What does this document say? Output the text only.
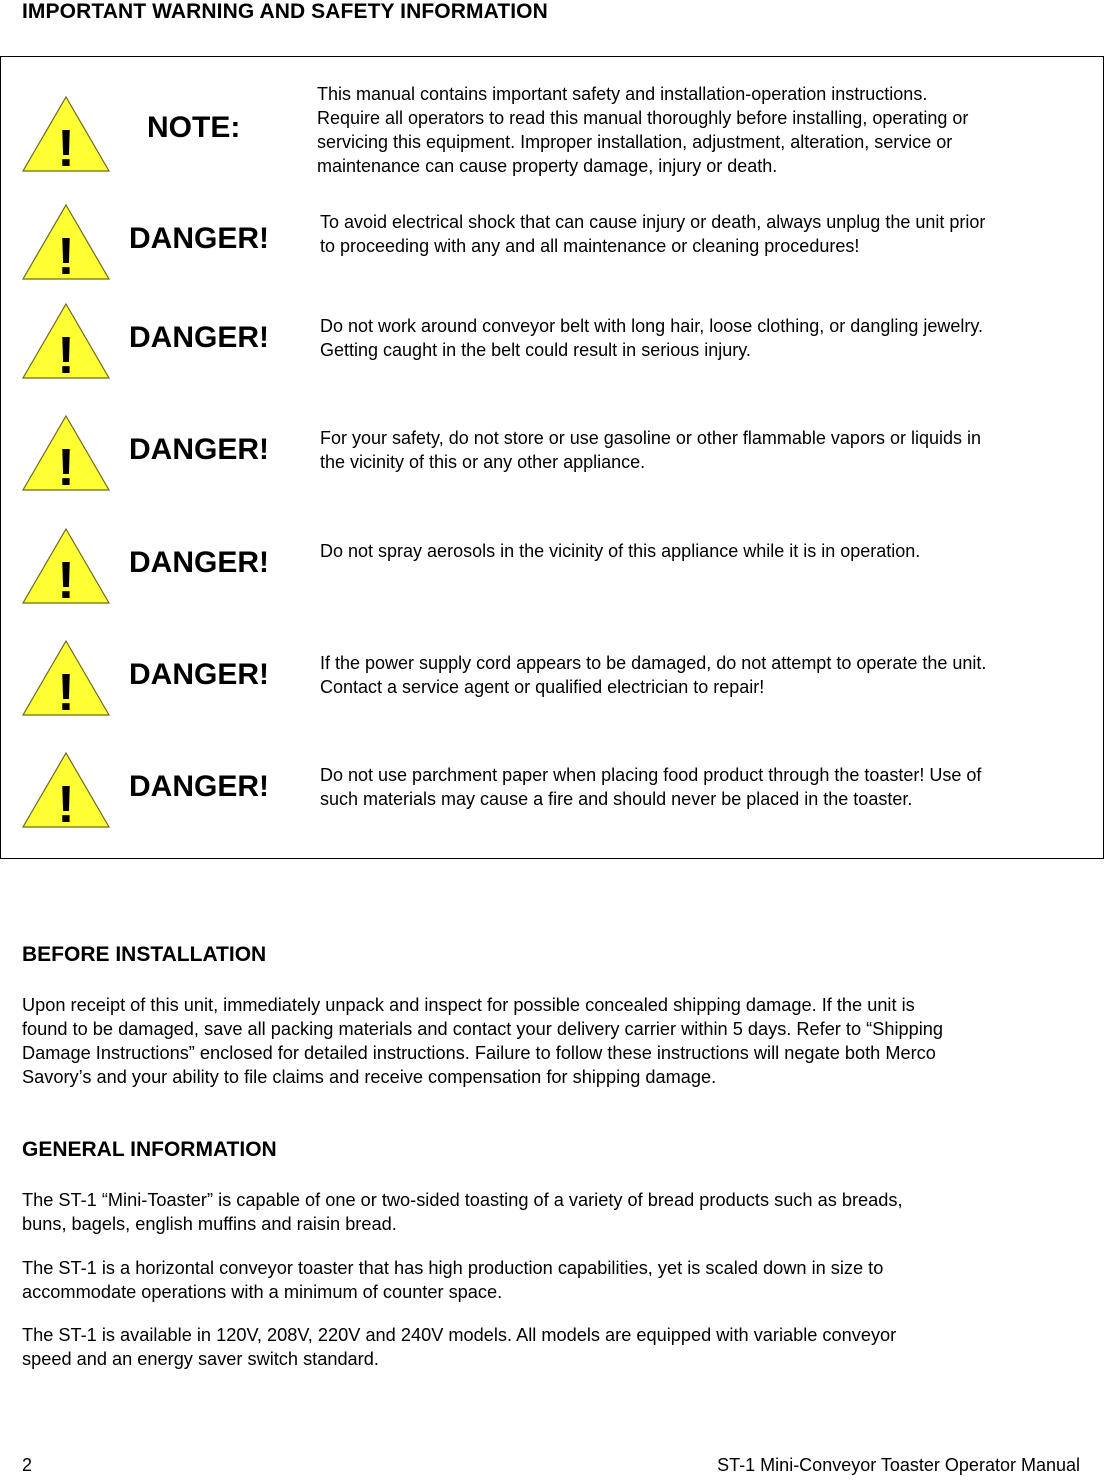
IMPORTANT WARNING AND SAFETY INFORMATION
! NOTE:
This manual contains important safety and installation-operation instructions.
Require all operators to read this manual thoroughly before installing, operating or
servicing this equipment. Improper installation, adjustment, alteration, service or
maintenance can cause property damage, injury or death.
! DANGER!	To avoid electrical shock that can cause injury or death, always unplug the unit prior
to proceeding with any and all maintenance or cleaning procedures!
! DANGER!	Do not work around conveyor belt with long hair, loose clothing, or dangling jewelry.
Getting caught in the belt could result in serious injury.
! DANGER!	For your safety, do not store or use gasoline or other flammable vapors or liquids in
the vicinity of this or any other appliance.
! DANGER!	Do not spray aerosols in the vicinity of this appliance while it is in operation.
! DANGER!	If the power supply cord appears to be damaged, do not attempt to operate the unit.
Contact a service agent or qualified electrician to repair!
! DANGER!	Do not use parchment paper when placing food product through the toaster! Use of
such materials may cause a fire and should never be placed in the toaster.
BEFORE INSTALLATION
Upon receipt of this unit, immediately unpack and inspect for possible concealed shipping damage. If the unit is
found to be damaged, save all packing materials and contact your delivery carrier within 5 days. Refer to “Shipping
Damage Instructions” enclosed for detailed instructions. Failure to follow these instructions will negate both Merco
Savory’s and your ability to file claims and receive compensation for shipping damage.
GENERAL INFORMATION
The ST-1 “Mini-Toaster” is capable of one or two-sided toasting of a variety of bread products such as breads,
buns, bagels, english muffins and raisin bread.
The ST-1 is a horizontal conveyor toaster that has high production capabilities, yet is scaled down in size to
accommodate operations with a minimum of counter space.
The ST-1 is available in 120V, 208V, 220V and 240V models. All models are equipped with variable conveyor
speed and an energy saver switch standard.
2	ST-1 Mini-Conveyor Toaster Operator Manual
